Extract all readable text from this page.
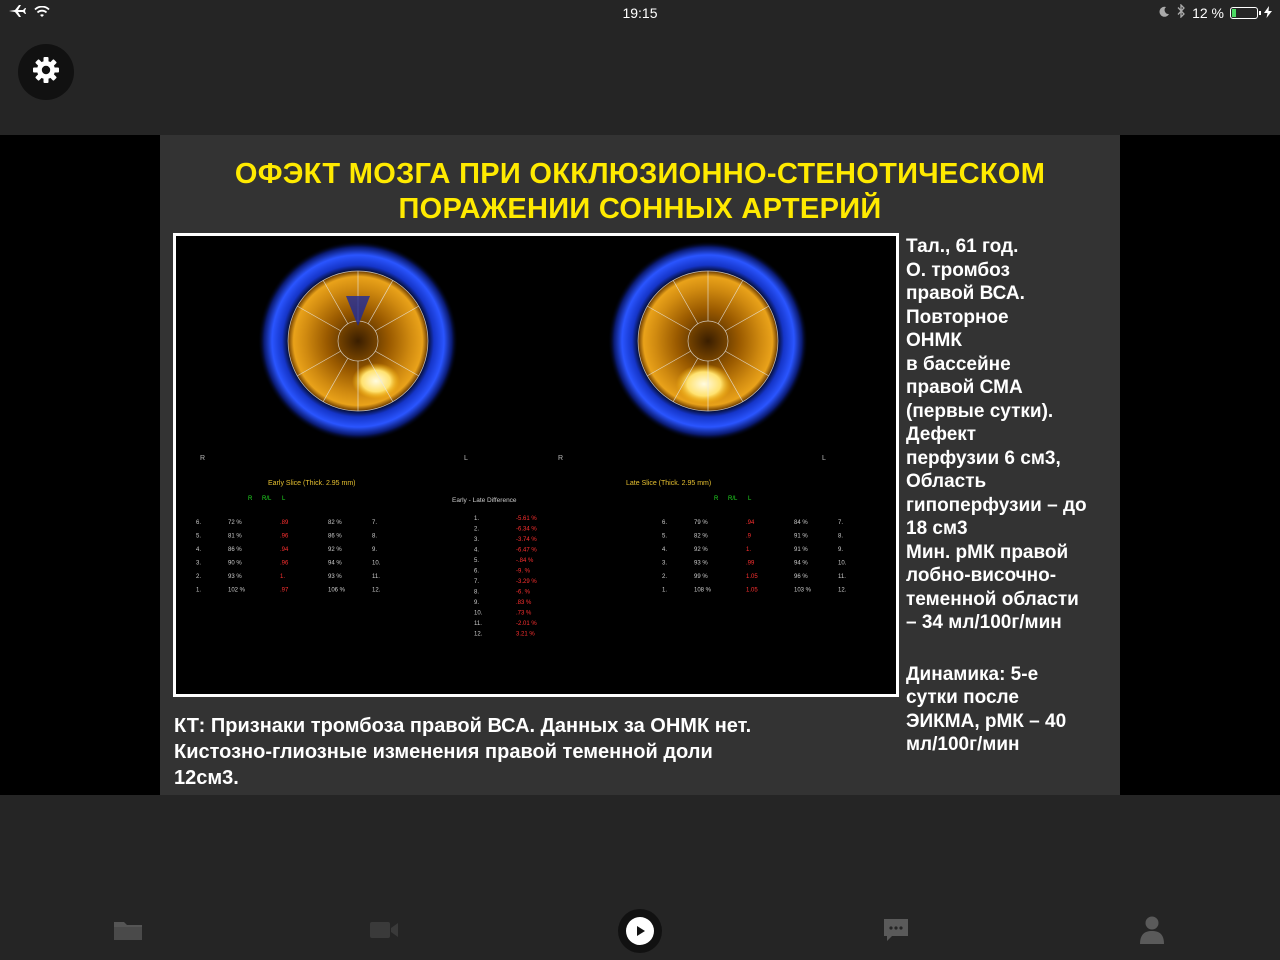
19:15	12 %
ОФЭКТ МОЗГА ПРИ ОККЛЮЗИОННО-СТЕНОТИЧЕСКОМ
ПОРАЖЕНИИ СОННЫХ АРТЕРИЙ
R	L	R	L
Early Slice (Thick. 2.95 mm)	Late Slice (Thick. 2.95 mm)
Early - Late Difference
R R/L L
6.	72 %	.89	82 %	7.
5.	81 %	.96	86 %	8.
4.	86 %	.94	92 %	9.
3.	90 %	.96	94 %	10.
2.	93 %	1.	93 %	11.
1.	102 %	.97	106 %	12.
R R/L L
6.	79 %	.94	84 %	7.
5.	82 %	.9	91 %	8.
4.	92 %	1.	91 %	9.
3.	93 %	.99	94 %	10.
2.	99 %	1.05	96 %	11.
1.	108 %	1.05	103 %	12.
1.	-5.61 %
2.	-6.34 %
3.	-3.74 %
4.	-6.47 %
5.	-.84 %
6.	-9. %
7.	-3.29 %
8.	-6. %
9.	.83 %
10.	.73 %
11.	-2.01 %
12.	3.21 %
Тал., 61 год.
О. тромбоз
правой ВСА.
Повторное
ОНМК
в бассейне
правой СМА
(первые сутки).
Дефект
перфузии 6 см3,
Область
гипоперфузии – до
18 см3
Мин. рМК правой
лобно-височно-
теменной области
– 34 мл/100г/мин
Динамика: 5-е
сутки после
ЭИКМА, рМК – 40
мл/100г/мин
КТ: Признаки тромбоза правой ВСА. Данных за ОНМК нет.
Кистозно-глиозные изменения правой теменной доли
12см3.
